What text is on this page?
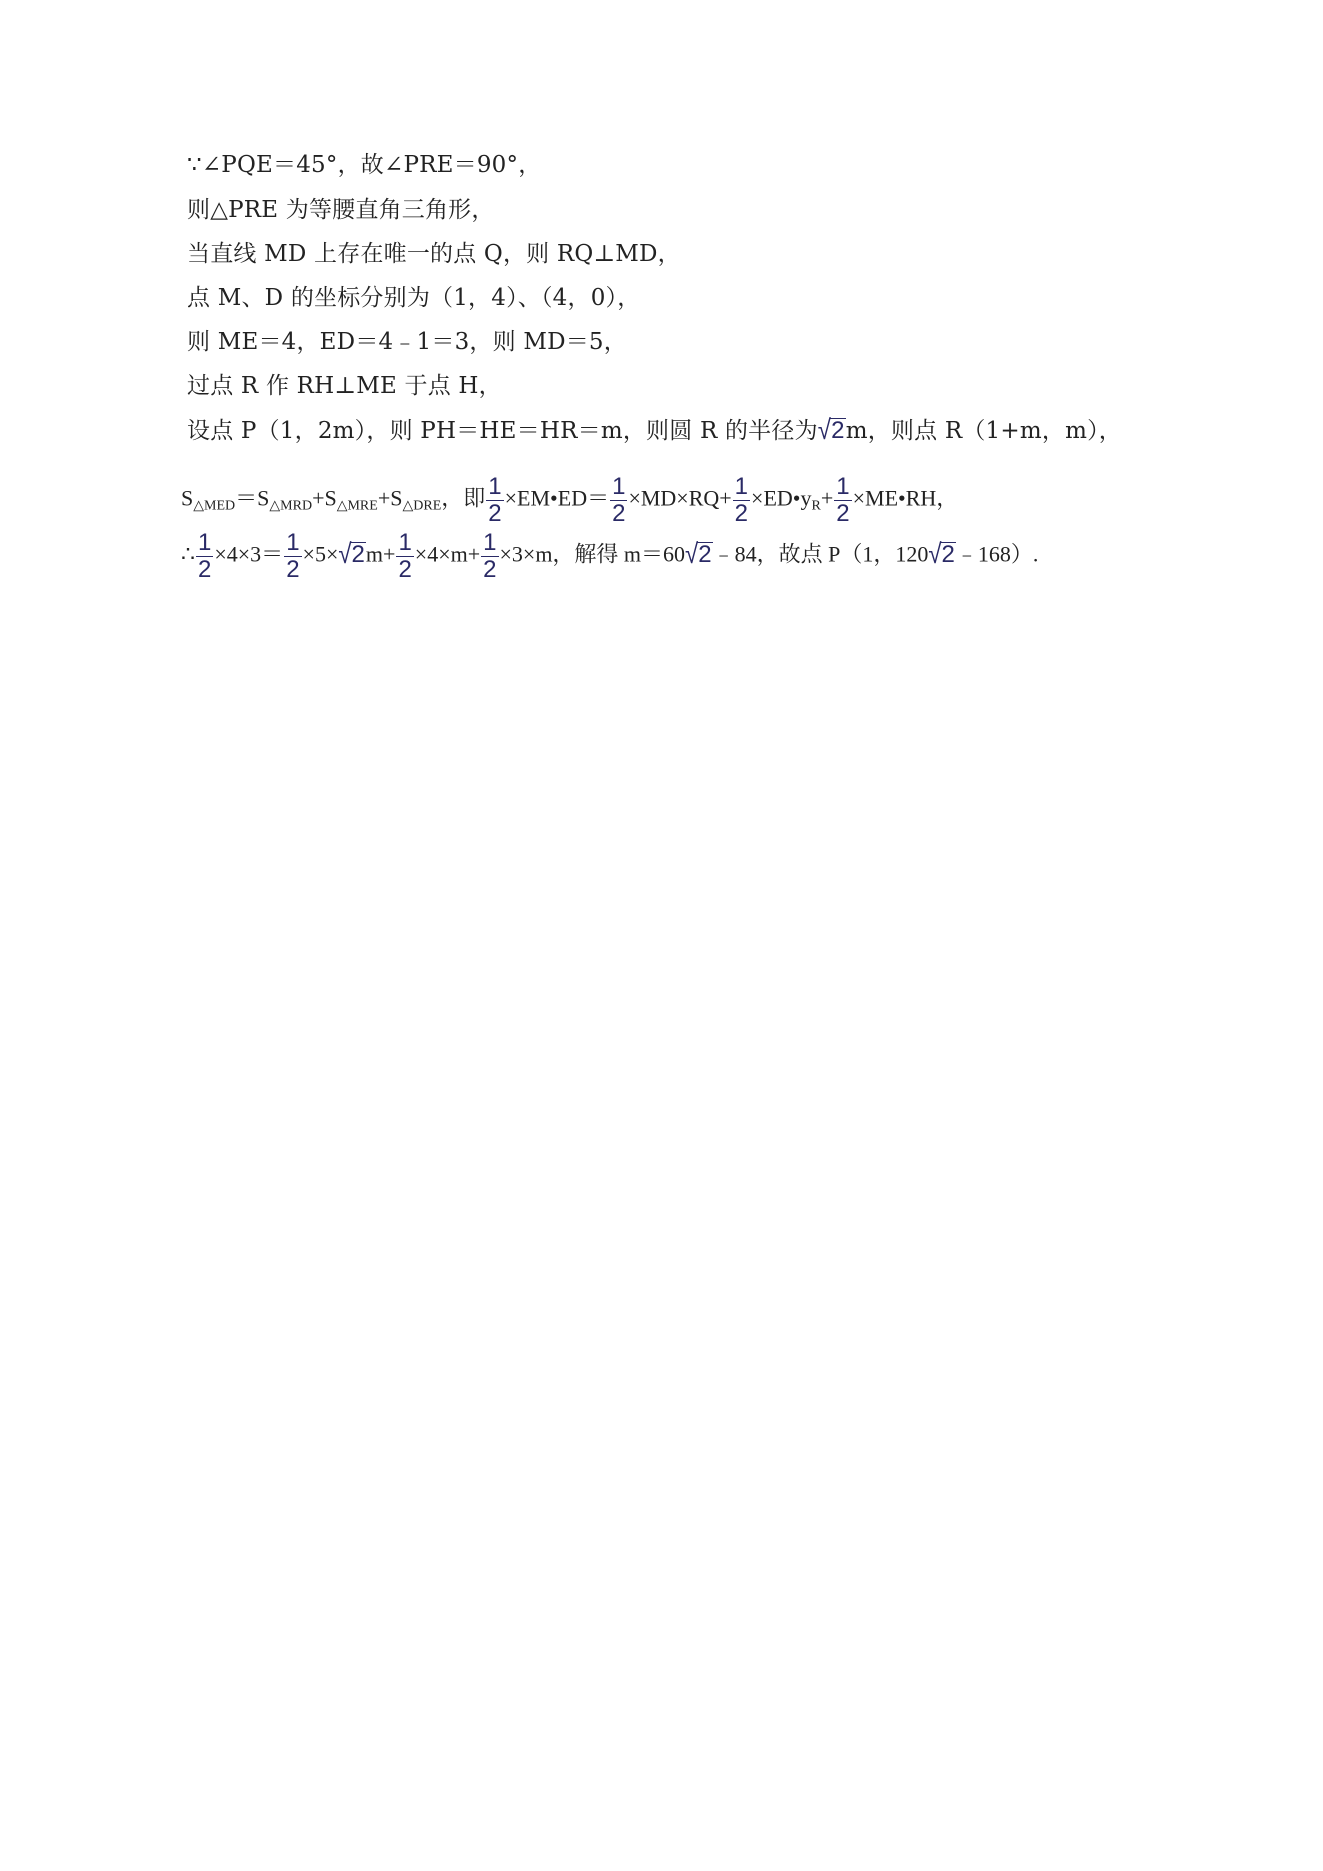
∵∠PQE＝45°，故∠PRE＝90°，
则△PRE 为等腰直角三角形，
当直线 MD 上存在唯一的点 Q，则 RQ⊥MD，
点 M、D 的坐标分别为（1，4）、（4，0），
则 ME＝4，ED＝4﹣1＝3，则 MD＝5，
过点 R 作 RH⊥ME 于点 H，
设点 P（1，2m），则 PH＝HE＝HR＝m，则圆 R 的半径为√2m，则点 R（1+m，m），
$S_{\triangle MED}=S_{\triangle MRD}+S_{\triangle MRE}+S_{\triangle DRE}$，即 $\frac{1}{2}$ ×EM•ED＝ $\frac{1}{2} \times MD\times RQ+ \frac{1}{2}$ $\times ED•y_R+ \frac{1}{2}$ ×ME•RH，
∴ $\frac{1}{2} \times 4\times 3= \frac{1}{2} \times 5\times√2m+ \frac{1}{2} \times 4\times m+ \frac{1}{2} \times 3\times m$，解得 m＝60√2﹣84，故点 P（1，120√2﹣168）.
